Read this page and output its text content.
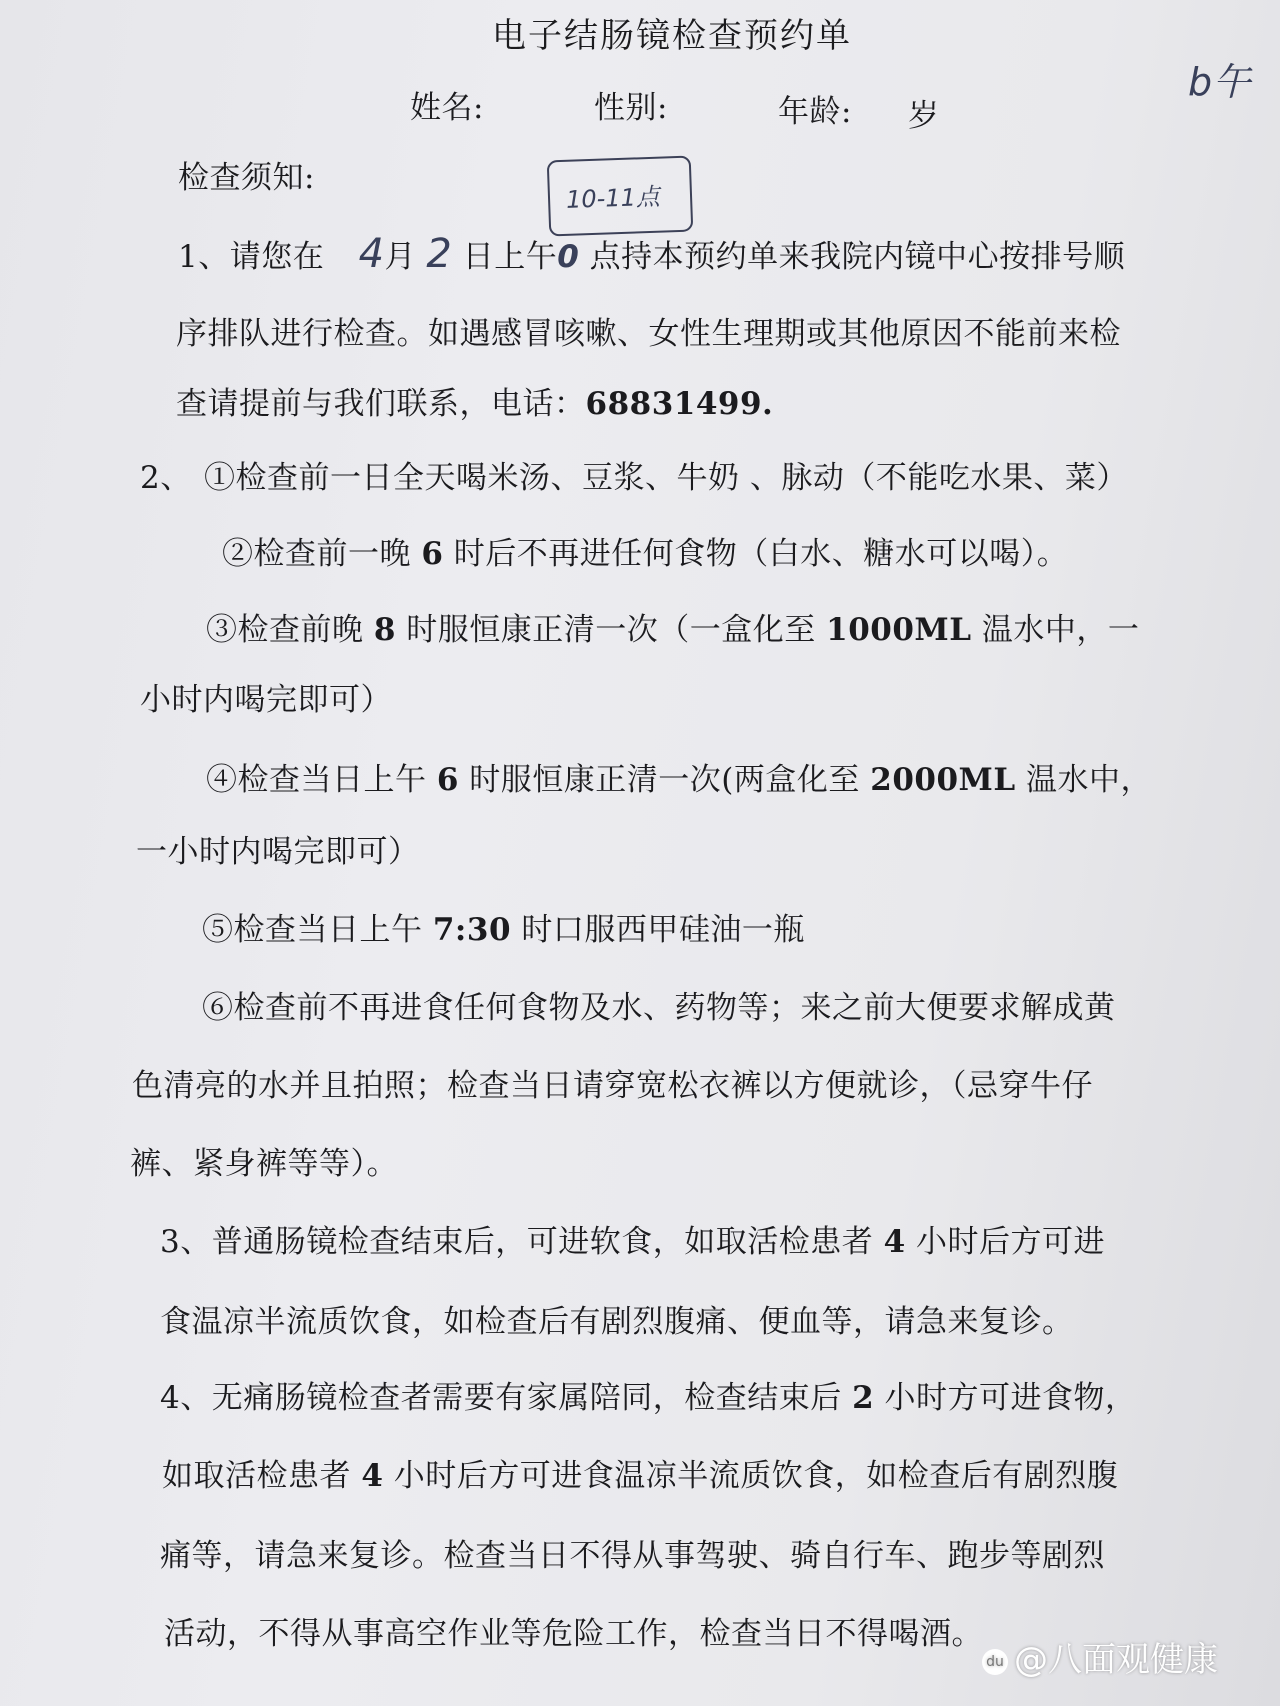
电子结肠镜检查预约单
姓名:	性别:	年龄: 岁
b午
检查须知:
10-11点
1、请您在 4月 2 日上午0 点持本预约单来我院内镜中心按排号顺
序排队进行检查。如遇感冒咳嗽、女性生理期或其他原因不能前来检
查请提前与我们联系，电话：68831499.
2、 ①检查前一日全天喝米汤、豆浆、牛奶 、脉动（不能吃水果、菜）
②检查前一晚 6 时后不再进任何食物（白水、糖水可以喝）。
③检查前晚 8 时服恒康正清一次（一盒化至 1000ML 温水中，一
小时内喝完即可）
④检查当日上午 6 时服恒康正清一次(两盒化至 2000ML 温水中，
一小时内喝完即可）
⑤检查当日上午 7:30 时口服西甲硅油一瓶
⑥检查前不再进食任何食物及水、药物等；来之前大便要求解成黄
色清亮的水并且拍照；检查当日请穿宽松衣裤以方便就诊，（忌穿牛仔
裤、紧身裤等等）。
3、普通肠镜检查结束后，可进软食，如取活检患者 4 小时后方可进
食温凉半流质饮食，如检查后有剧烈腹痛、便血等，请急来复诊。
4、无痛肠镜检查者需要有家属陪同，检查结束后 2 小时方可进食物，
如取活检患者 4 小时后方可进食温凉半流质饮食，如检查后有剧烈腹
痛等，请急来复诊。检查当日不得从事驾驶、骑自行车、跑步等剧烈
活动，不得从事高空作业等危险工作，检查当日不得喝酒。
du @八面观健康
